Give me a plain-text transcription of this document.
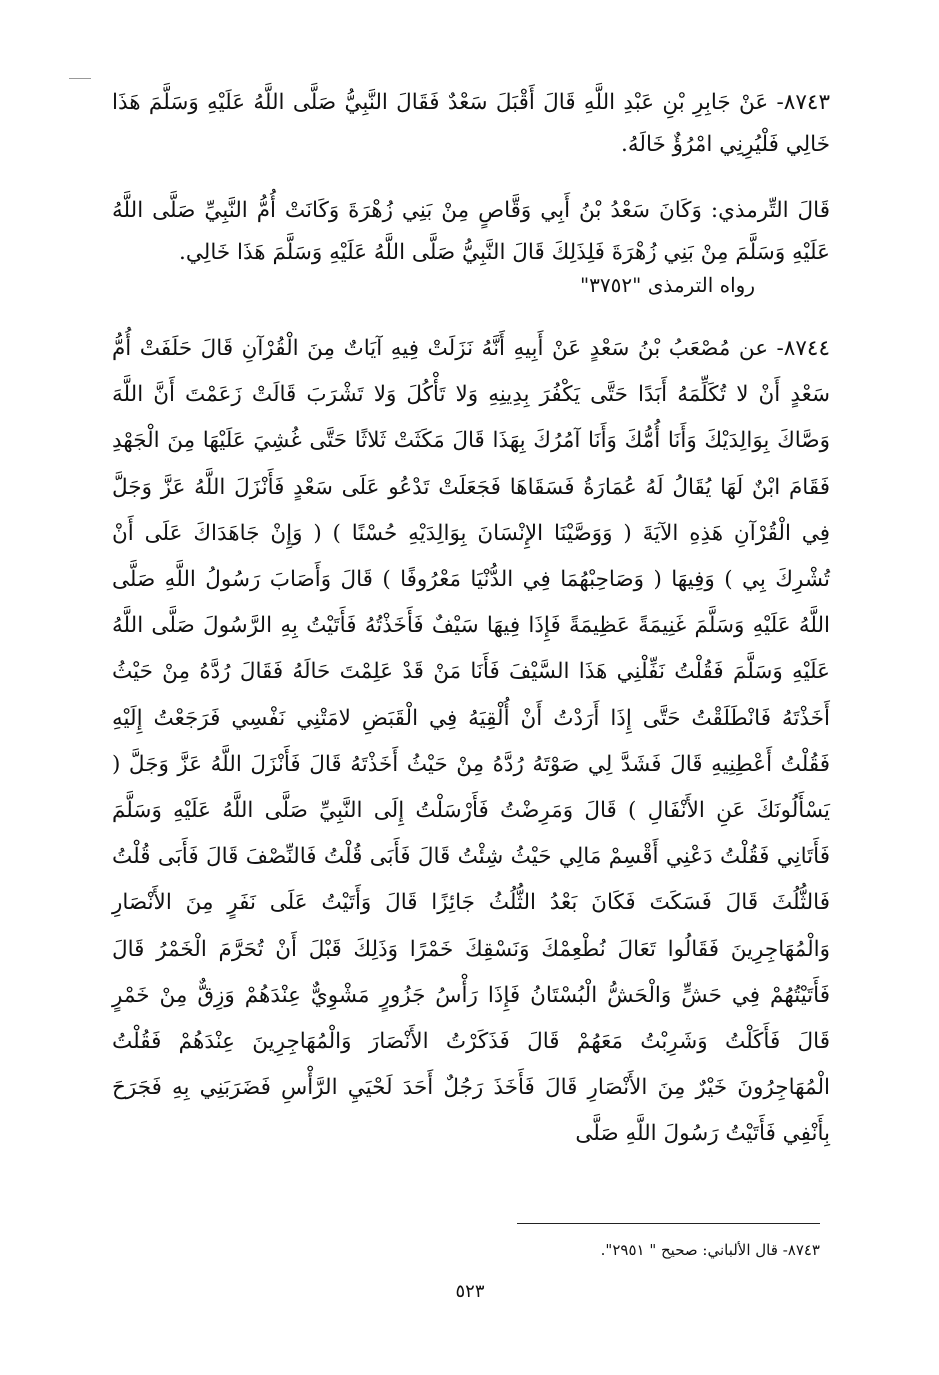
٨٧٤٣- عَنْ جَابِرِ بْنِ عَبْدِ اللَّهِ قَالَ أَقْبَلَ سَعْدٌ فَقَالَ النَّبِيُّ صَلَّى اللَّهُ عَلَيْهِ وَسَلَّمَ هَذَا خَالِي فَلْيُرِنِي امْرُؤٌ خَالَهُ.

قَالَ التِّرمذي: وَكَانَ سَعْدُ بْنُ أَبِي وَقَّاصٍ مِنْ بَنِي زُهْرَةَ وَكَانَتْ أُمُّ النَّبِيِّ صَلَّى اللَّهُ عَلَيْهِ وَسَلَّمَ مِنْ بَنِي زُهْرَةَ فَلِذَلِكَ قَالَ النَّبِيُّ صَلَّى اللَّهُ عَلَيْهِ وَسَلَّمَ هَذَا خَالِي.

رواه الترمذى "٣٧٥٢"

٨٧٤٤- عن مُصْعَبُ بْنُ سَعْدٍ عَنْ أَبِيهِ أَنَّهُ نَزَلَتْ فِيهِ آيَاتٌ مِنَ الْقُرْآنِ قَالَ حَلَفَتْ أُمُّ سَعْدٍ أَنْ لا تُكَلِّمَهُ أَبَدًا حَتَّى يَكْفُرَ بِدِينِهِ وَلا تَأْكُلَ وَلا تَشْرَبَ قَالَتْ زَعَمْتَ أَنَّ اللَّهَ وَصَّاكَ بِوَالِدَيْكَ وَأَنَا أُمُّكَ وَأَنَا آمُرُكَ بِهَذَا قَالَ مَكَثَتْ ثَلاثًا حَتَّى غُشِيَ عَلَيْهَا مِنَ الْجَهْدِ فَقَامَ ابْنٌ لَهَا يُقَالُ لَهُ عُمَارَةُ فَسَقَاهَا فَجَعَلَتْ تَدْعُو عَلَى سَعْدٍ فَأَنْزَلَ اللَّهُ عَزَّ وَجَلَّ فِي الْقُرْآنِ هَذِهِ الآيَةَ ( وَوَصَّيْنَا الإِنْسَانَ بِوَالِدَيْهِ حُسْنًا ) ( وَإِنْ جَاهَدَاكَ عَلَى أَنْ تُشْرِكَ بِي ) وَفِيهَا ( وَصَاحِبْهُمَا فِي الدُّنْيَا مَعْرُوفًا ) قَالَ وَأَصَابَ رَسُولُ اللَّهِ صَلَّى اللَّهُ عَلَيْهِ وَسَلَّمَ غَنِيمَةً عَظِيمَةً فَإِذَا فِيهَا سَيْفٌ فَأَخَذْتُهُ فَأَتَيْتُ بِهِ الرَّسُولَ صَلَّى اللَّهُ عَلَيْهِ وَسَلَّمَ فَقُلْتُ نَفِّلْنِي هَذَا السَّيْفَ فَأَنَا مَنْ قَدْ عَلِمْتَ حَالَهُ فَقَالَ رُدَّهُ مِنْ حَيْثُ أَخَذْتَهُ فَانْطَلَقْتُ حَتَّى إِذَا أَرَدْتُ أَنْ أُلْقِيَهُ فِي الْقَبَضِ لامَتْنِي نَفْسِي فَرَجَعْتُ إِلَيْهِ فَقُلْتُ أَعْطِنِيهِ قَالَ فَشَدَّ لِي صَوْتَهُ رُدَّهُ مِنْ حَيْثُ أَخَذْتَهُ قَالَ فَأَنْزَلَ اللَّهُ عَزَّ وَجَلَّ ( يَسْأَلُونَكَ عَنِ الأَنْفَالِ ) قَالَ وَمَرِضْتُ فَأَرْسَلْتُ إِلَى النَّبِيِّ صَلَّى اللَّهُ عَلَيْهِ وَسَلَّمَ فَأَتَانِي فَقُلْتُ دَعْنِي أَقْسِمْ مَالِي حَيْثُ شِئْتُ قَالَ فَأَبَى قُلْتُ فَالنِّصْفَ قَالَ فَأَبَى قُلْتُ فَالثُّلُثَ قَالَ فَسَكَتَ فَكَانَ بَعْدُ الثُّلُثُ جَائِزًا قَالَ وَأَتَيْتُ عَلَى نَفَرٍ مِنَ الأَنْصَارِ وَالْمُهَاجِرِينَ فَقَالُوا تَعَالَ نُطْعِمْكَ وَنَسْقِكَ خَمْرًا وَذَلِكَ قَبْلَ أَنْ تُحَرَّمَ الْخَمْرُ قَالَ فَأَتَيْتُهُمْ فِي حَشٍّ وَالْحَشُّ الْبُسْتَانُ فَإِذَا رَأْسُ جَزُورٍ مَشْوِيٌّ عِنْدَهُمْ وَزِقٌّ مِنْ خَمْرٍ قَالَ فَأَكَلْتُ وَشَرِبْتُ مَعَهُمْ قَالَ فَذَكَرْتُ الأَنْصَارَ وَالْمُهَاجِرِينَ عِنْدَهُمْ فَقُلْتُ الْمُهَاجِرُونَ خَيْرٌ مِنَ الأَنْصَارِ قَالَ فَأَخَذَ رَجُلٌ أَحَدَ لَحْيَيِ الرَّأْسِ فَضَرَبَنِي بِهِ فَجَرَحَ بِأَنْفِي فَأَتَيْتُ رَسُولَ اللَّهِ صَلَّى

٨٧٤٣- قال الألباني: صحيح " ٢٩٥١".
٥٢٣
